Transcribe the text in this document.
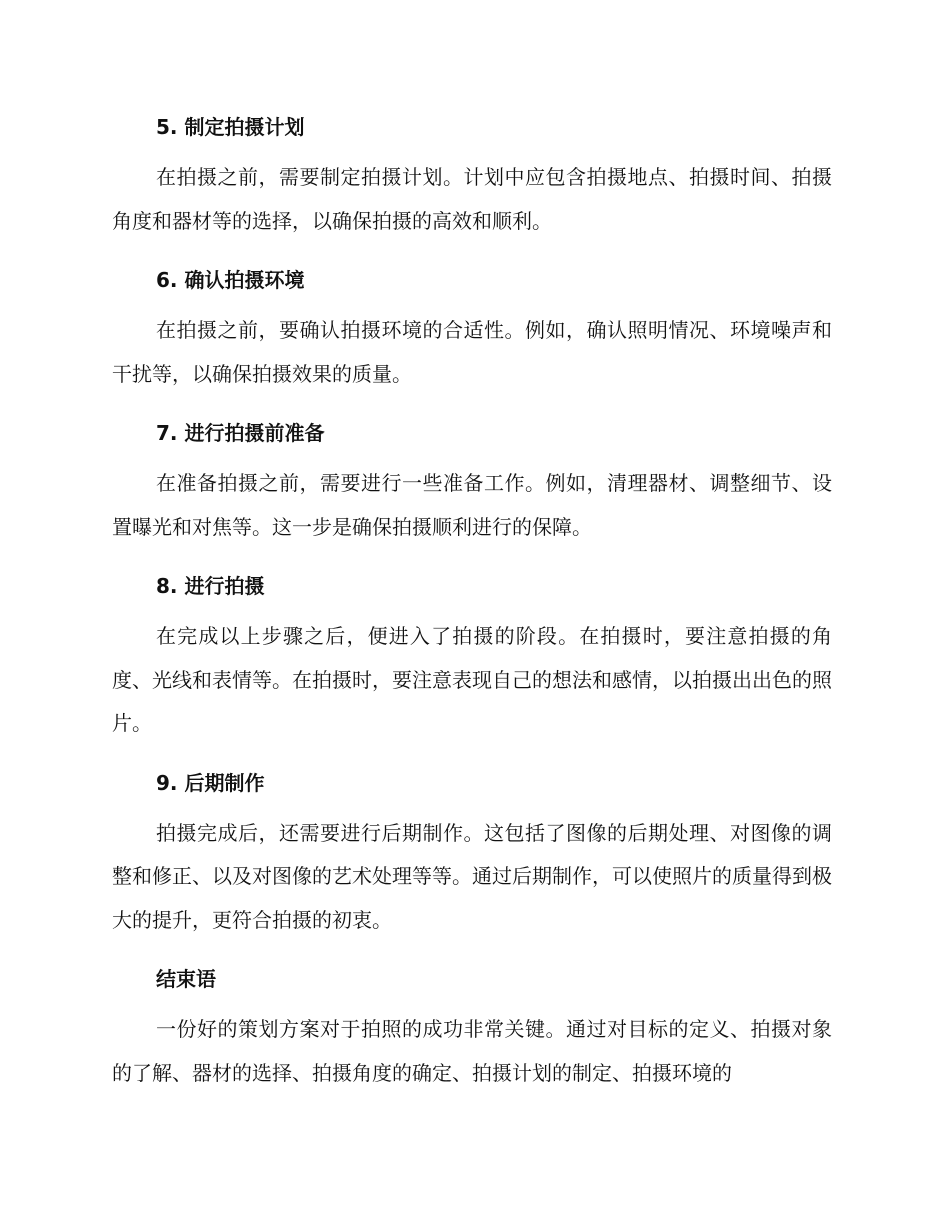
5. 制定拍摄计划

在拍摄之前，需要制定拍摄计划。计划中应包含拍摄地点、拍摄时间、拍摄角度和器材等的选择，以确保拍摄的高效和顺利。

6. 确认拍摄环境

在拍摄之前，要确认拍摄环境的合适性。例如，确认照明情况、环境噪声和干扰等，以确保拍摄效果的质量。

7. 进行拍摄前准备

在准备拍摄之前，需要进行一些准备工作。例如，清理器材、调整细节、设置曝光和对焦等。这一步是确保拍摄顺利进行的保障。

8. 进行拍摄

在完成以上步骤之后，便进入了拍摄的阶段。在拍摄时，要注意拍摄的角度、光线和表情等。在拍摄时，要注意表现自己的想法和感情，以拍摄出出色的照片。

9. 后期制作

拍摄完成后，还需要进行后期制作。这包括了图像的后期处理、对图像的调整和修正、以及对图像的艺术处理等等。通过后期制作，可以使照片的质量得到极大的提升，更符合拍摄的初衷。

结束语

一份好的策划方案对于拍照的成功非常关键。通过对目标的定义、拍摄对象的了解、器材的选择、拍摄角度的确定、拍摄计划的制定、拍摄环境的
